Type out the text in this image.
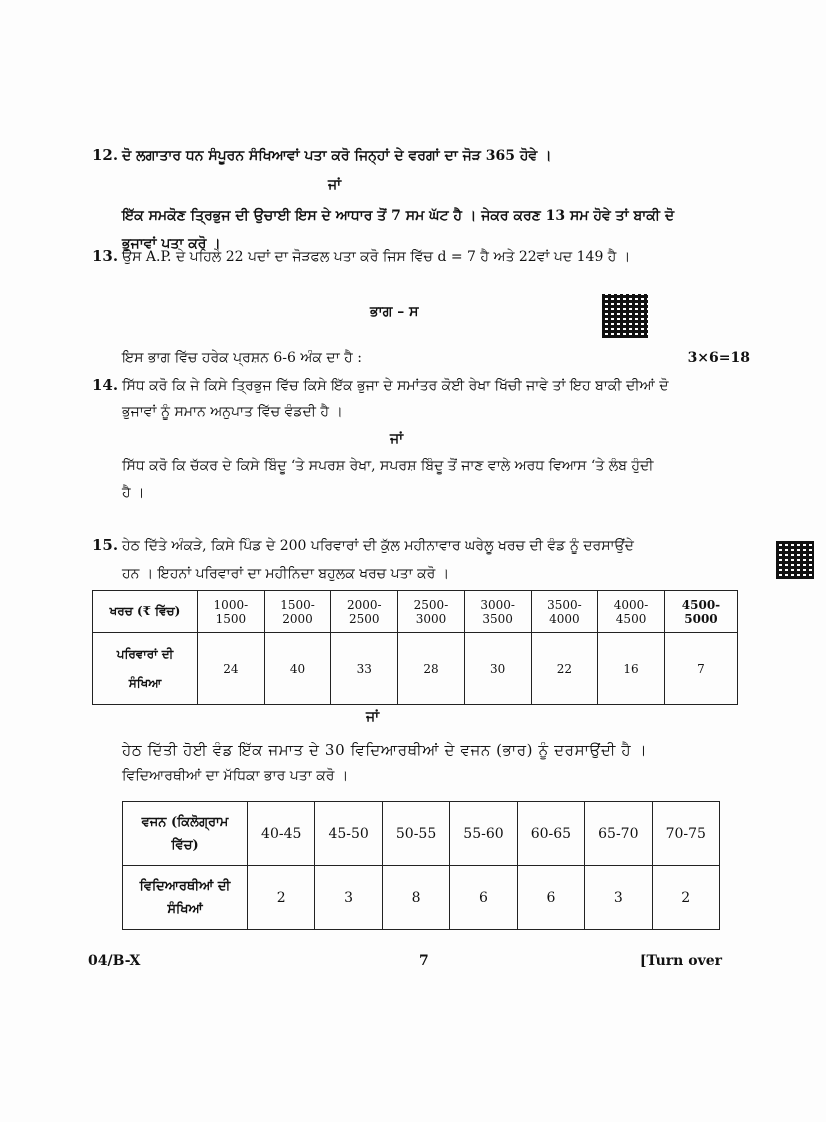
12. ਦੋ ਲਗਾਤਾਰ ਧਨ ਸੰਪੂਰਨ ਸੰਖਿਆਵਾਂ ਪਤਾ ਕਰੋ ਜਿਨ੍ਹਾਂ ਦੇ ਵਰਗਾਂ ਦਾ ਜੋੜ 365 ਹੋਵੇ ।
ਜਾਂ
ਇੱਕ ਸਮਕੋਣ ਤ੍ਰਿਭੁਜ ਦੀ ਉਚਾਈ ਇਸ ਦੇ ਆਧਾਰ ਤੋਂ 7 ਸਮ ਘੱਟ ਹੈ । ਜੇਕਰ ਕਰਣ 13 ਸਮ ਹੋਵੇ ਤਾਂ ਬਾਕੀ ਦੋ
ਭੁਜਾਵਾਂ ਪਤਾ ਕਰੋ ।
13. ਉਸ A.P. ਦੇ ਪਹਿਲੇ 22 ਪਦਾਂ ਦਾ ਜੋੜਫਲ ਪਤਾ ਕਰੋ ਜਿਸ ਵਿੱਚ d = 7 ਹੈ ਅਤੇ 22ਵਾਂ ਪਦ 149 ਹੈ ।
ਭਾਗ – ਸ
ਇਸ ਭਾਗ ਵਿੱਚ ਹਰੇਕ ਪ੍ਰਸ਼ਨ 6-6 ਅੰਕ ਦਾ ਹੈ :	3×6=18
14. ਸਿੱਧ ਕਰੋ ਕਿ ਜੇ ਕਿਸੇ ਤ੍ਰਿਭੁਜ ਵਿੱਚ ਕਿਸੇ ਇੱਕ ਭੁਜਾ ਦੇ ਸਮਾਂਤਰ ਕੋਈ ਰੇਖਾ ਖਿੱਚੀ ਜਾਵੇ ਤਾਂ ਇਹ ਬਾਕੀ ਦੀਆਂ ਦੋ
ਭੁਜਾਵਾਂ ਨੂੰ ਸਮਾਨ ਅਨੁਪਾਤ ਵਿੱਚ ਵੰਡਦੀ ਹੈ ।
ਜਾਂ
ਸਿੱਧ ਕਰੋ ਕਿ ਚੱਕਰ ਦੇ ਕਿਸੇ ਬਿੰਦੂ ‘ਤੇ ਸਪਰਸ਼ ਰੇਖਾ, ਸਪਰਸ਼ ਬਿੰਦੂ ਤੋਂ ਜਾਣ ਵਾਲੇ ਅਰਧ ਵਿਆਸ ‘ਤੇ ਲੰਬ ਹੁੰਦੀ
ਹੈ ।
15. ਹੇਠ ਦਿੱਤੇ ਅੰਕੜੇ, ਕਿਸੇ ਪਿੰਡ ਦੇ 200 ਪਰਿਵਾਰਾਂ ਦੀ ਕੁੱਲ ਮਹੀਨਾਵਾਰ ਘਰੇਲੂ ਖਰਚ ਦੀ ਵੰਡ ਨੂੰ ਦਰਸਾਉਂਦੇ
ਹਨ । ਇਹਨਾਂ ਪਰਿਵਾਰਾਂ ਦਾ ਮਹੀਨਿਦਾ ਬਹੁਲਕ ਖਰਚ ਪਤਾ ਕਰੋ ।
ਖਰਚ (₹ ਵਿੱਚ)	1000-1500	1500-2000	2000-2500	2500-3000	3000-3500	3500-4000	4000-4500	4500-5000

ਪਰਿਵਾਰਾਂ ਦੀ
ਸੰਖਿਆ	24	40	33	28	30	22	16	7
ਜਾਂ
ਹੇਠ ਦਿੱਤੀ ਹੋਈ ਵੰਡ ਇੱਕ ਜਮਾਤ ਦੇ 30 ਵਿਦਿਆਰਥੀਆਂ ਦੇ ਵਜਨ (ਭਾਰ) ਨੂੰ ਦਰਸਾਉਂਦੀ ਹੈ ।
ਵਿਦਿਆਰਥੀਆਂ ਦਾ ਮੱਧਿਕਾ ਭਾਰ ਪਤਾ ਕਰੋ ।
ਵਜਨ (ਕਿਲੋਗ੍ਰਾਮ
ਵਿੱਚ)	40-45	45-50	50-55	55-60	60-65	65-70	70-75

ਵਿਦਿਆਰਥੀਆਂ ਦੀ
ਸੰਖਿਆਂ	2	3	8	6	6	3	2
04/B-X	7	[Turn over
